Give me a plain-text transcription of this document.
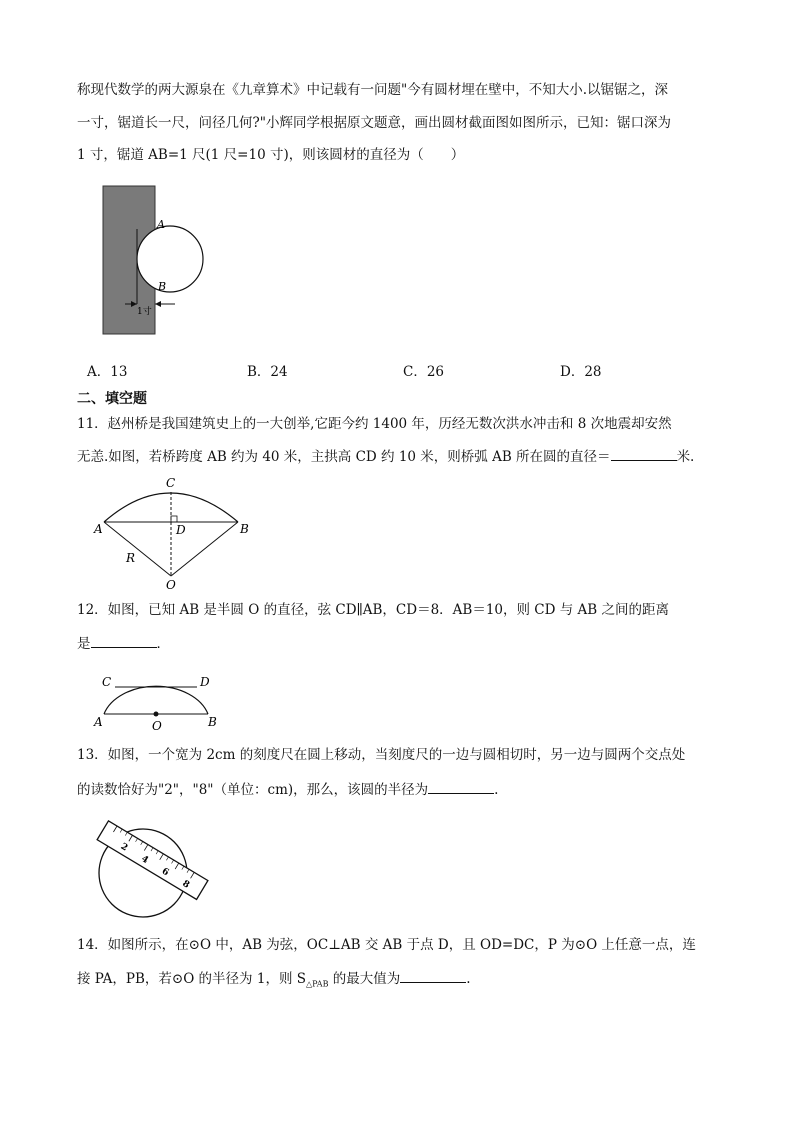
称现代数学的两大源泉在《九章算术》中记载有一问题"今有圆材埋在壁中，不知大小.以锯锯之，深
一寸，锯道长一尺，问径几何?"小辉同学根据原文题意，画出圆材截面图如图所示，已知：锯口深为
1 寸，锯道 AB=1 尺(1 尺=10 寸)，则该圆材的直径为（　　）
A
B
1寸
A．13	B．24	C．26	D．28
二、填空题
11．赵州桥是我国建筑史上的一大创举,它距今约 1400 年，历经无数次洪水冲击和 8 次地震却安然
无恙.如图，若桥跨度 AB 约为 40 米，主拱高 CD 约 10 米，则桥弧 AB 所在圆的直径＝	米.
C
A	B
D
R
O
12．如图，已知 AB 是半圆 O 的直径，弦 CD∥AB，CD＝8．AB＝10，则 CD 与 AB 之间的距离
是	．
C	D
A	B
O
13．如图，一个宽为 2cm 的刻度尺在圆上移动，当刻度尺的一边与圆相切时，另一边与圆两个交点处
的读数恰好为"2"，"8"（单位：cm)，那么，该圆的半径为	.
2
4
6
8
14．如图所示，在⊙O 中，AB 为弦，OC⊥AB 交 AB 于点 D，且 OD=DC，P 为⊙O 上任意一点，连
接 PA，PB，若⊙O 的半径为 1，则 $S_{\triangle PAB}$ 的最大值为	.
